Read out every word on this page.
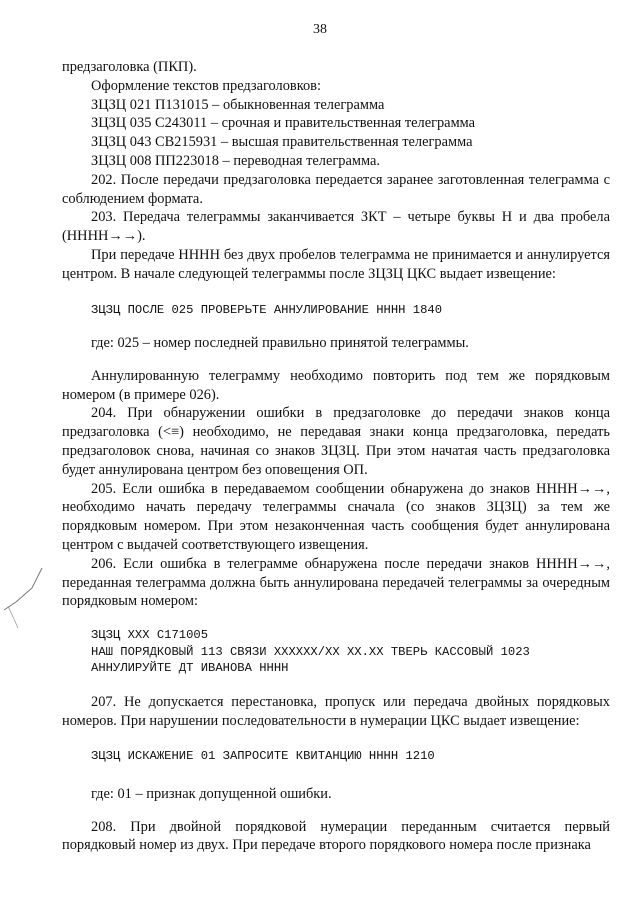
38

предзаголовка (ПКП).

Оформление текстов предзаголовков:

ЗЦЗЦ 021 П131015 – обыкновенная телеграмма

ЗЦЗЦ 035 С243011 – срочная и правительственная телеграмма

ЗЦЗЦ 043 СВ215931 – высшая правительственная телеграмма

ЗЦЗЦ 008 ПП223018 – переводная телеграмма.

202. После передачи предзаголовка передается заранее заготовленная телеграмма с соблюдением формата.

203. Передача телеграммы заканчивается ЗКТ – четыре буквы Н и два пробела (НННН→→).

При передаче НННН без двух пробелов телеграмма не принимается и аннулируется центром. В начале следующей телеграммы после ЗЦЗЦ ЦКС выдает извещение:

ЗЦЗЦ ПОСЛЕ 025 ПРОВЕРЬТЕ АННУЛИРОВАНИЕ НННН 1840

где: 025 – номер последней правильно принятой телеграммы.

Аннулированную телеграмму необходимо повторить под тем же порядковым номером (в примере 026).

204. При обнаружении ошибки в предзаголовке до передачи знаков конца предзаголовка (<≡) необходимо, не передавая знаки конца предзаголовка, передать предзаголовок снова, начиная со знаков ЗЦЗЦ. При этом начатая часть предзаголовка будет аннулирована центром без оповещения ОП.

205. Если ошибка в передаваемом сообщении обнаружена до знаков НННН→→, необходимо начать передачу телеграммы сначала (со знаков ЗЦЗЦ) за тем же порядковым номером. При этом незаконченная часть сообщения будет аннулирована центром с выдачей соответствующего извещения.

206. Если ошибка в телеграмме обнаружена после передачи знаков НННН→→, переданная телеграмма должна быть аннулирована передачей телеграммы за очередным порядковым номером:

ЗЦЗЦ ХХХ С171005
НАШ ПОРЯДКОВЫЙ 113 СВЯЗИ ХХХХХХ/ХХ ХХ.ХХ ТВЕРЬ КАССОВЫЙ 1023
АННУЛИРУЙТЕ ДТ ИВАНОВА НННН

207. Не допускается перестановка, пропуск или передача двойных порядковых номеров. При нарушении последовательности в нумерации ЦКС выдает извещение:

ЗЦЗЦ ИСКАЖЕНИЕ 01 ЗАПРОСИТЕ КВИТАНЦИЮ НННН 1210

где: 01 – признак допущенной ошибки.

208. При двойной порядковой нумерации переданным считается первый порядковый номер из двух. При передаче второго порядкового номера после признака
